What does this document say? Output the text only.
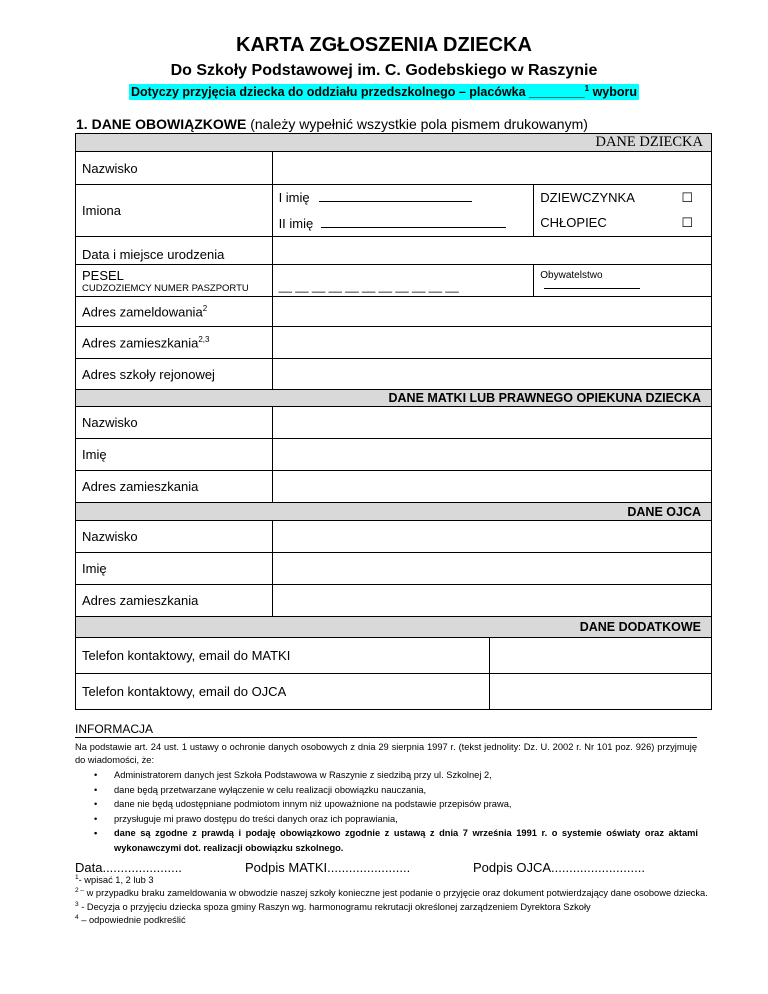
KARTA ZGŁOSZENIA DZIECKA
Do Szkoły Podstawowej im. C. Godebskiego w Raszynie
Dotyczy przyjęcia dziecka do oddziału przedszkolnego – placówka ________$^1$ wyboru
1. DANE OBOWIĄZKOWE (należy wypełnić wszystkie pola pismem drukowanym)
DANE DZIECKA			
Nazwisko			
Imiona	I imię		DZIEWCZYNKA ☐

	II imię		CHŁOPIEC ☐

Data i miejsce urodzenia			

PESEL
CUDZOZIEMCY NUMER PASZPORTU	__ __ __ __ __ __ __ __ __ __ __		Obywatelstwo
Adres zameldowania$^2$	
Adres zamieszkania$^{2,3}$	
Adres szkoły rejonowej			
DANE MATKI LUB PRAWNEGO OPIEKUNA DZIECKA			
Nazwisko			
Imię			
Adres zamieszkania			
DANE OJCA			
Nazwisko			
Imię			
Adres zamieszkania			
DANE DODATKOWE			
Telefon kontaktowy, email do MATKI			
Telefon kontaktowy, email do OJCA			
INFORMACJA
Na podstawie art. 24 ust. 1 ustawy o ochronie danych osobowych z dnia 29 sierpnia 1997 r. (tekst jednolity: Dz. U. 2002 r. Nr 101 poz. 926) przyjmuję do wiadomości, że:
• Administratorem danych jest Szkoła Podstawowa w Raszynie z siedzibą przy ul. Szkolnej 2,
• dane będą przetwarzane wyłączenie w celu realizacji obowiązku nauczania,
• dane nie będą udostępniane podmiotom innym niż upoważnione na podstawie przepisów prawa,
• przysługuje mi prawo dostępu do treści danych oraz ich poprawiania,
• dane są zgodne z prawdą i podaję obowiązkowo zgodnie z ustawą z dnia 7 września 1991 r. o systemie oświaty oraz aktami wykonawczymi dot. realizacji obowiązku szkolnego.
Data......................	Podpis MATKI.......................	Podpis OJCA..........................
$^1$- wpisać 1, 2 lub 3
$^{2 -}$ w przypadku braku zameldowania w obwodzie naszej szkoły konieczne jest podanie o przyjęcie oraz dokument potwierdzający dane osobowe dziecka.
$^3$ - Decyzja o przyjęciu dziecka spoza gminy Raszyn wg. harmonogramu rekrutacji określonej zarządzeniem Dyrektora Szkoły
$^4$ – odpowiednie podkreślić
